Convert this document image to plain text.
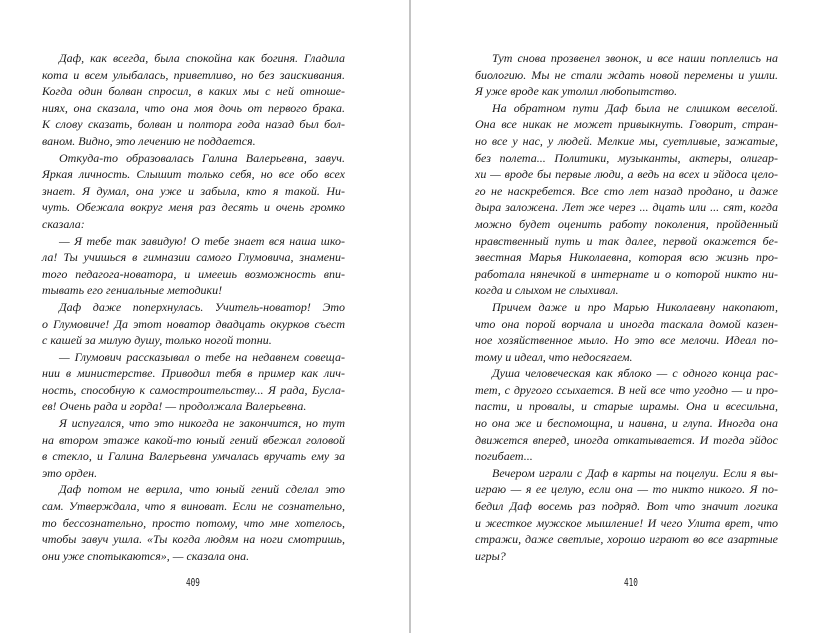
Даф, как всегда, была спокойна как богиня. Гладила
кота и всем улыбалась, приветливо, но без заискивания.
Когда один болван спросил, в каких мы с ней отноше-
ниях, она сказала, что она моя дочь от первого брака.
К слову сказать, болван и полтора года назад был бол-
ваном. Видно, это лечению не поддается.
Откуда-то образовалась Галина Валерьевна, завуч.
Яркая личность. Слышит только себя, но все обо всех
знает. Я думал, она уже и забыла, кто я такой. Ни-
чуть. Обежала вокруг меня раз десять и очень громко
сказала:
— Я тебе так завидую! О тебе знает вся наша шко-
ла! Ты учишься в гимназии самого Глумовича, знамени-
того педагога-новатора, и имеешь возможность впи-
тывать его гениальные методики!
Даф даже поперхнулась. Учитель-новатор! Это
о Глумовиче! Да этот новатор двадцать окурков съест
с кашей за милую душу, только ногой топни.
— Глумович рассказывал о тебе на недавнем совеща-
нии в министерстве. Приводил тебя в пример как лич-
ность, способную к самостроительству... Я рада, Бусла-
ев! Очень рада и горда! — продолжала Валерьевна.
Я испугался, что это никогда не закончится, но тут
на втором этаже какой-то юный гений вбежал головой
в стекло, и Галина Валерьевна умчалась вручать ему за
это орден.
Даф потом не верила, что юный гений сделал это
сам. Утверждала, что я виноват. Если не сознательно,
то бессознательно, просто потому, что мне хотелось,
чтобы завуч ушла. «Ты когда людям на ноги смотришь,
они уже спотыкаются», — сказала она.
Тут снова прозвенел звонок, и все наши поплелись на
биологию. Мы не стали ждать новой перемены и ушли.
Я уже вроде как утолил любопытство.
На обратном пути Даф была не слишком веселой.
Она все никак не может привыкнуть. Говорит, стран-
но все у нас, у людей. Мелкие мы, суетливые, зажатые,
без полета... Политики, музыканты, актеры, олигар-
хи — вроде бы первые люди, а ведь на всех и эйдоса цело-
го не наскребется. Все сто лет назад продано, и даже
дыра заложена. Лет же через ... дцать или ... сят, когда
можно будет оценить работу поколения, пройденный
нравственный путь и так далее, первой окажется бе-
звестная Марья Николаевна, которая всю жизнь про-
работала нянечкой в интернате и о которой никто ни-
когда и слыхом не слыхивал.
Причем даже и про Марью Николаевну накопают,
что она порой ворчала и иногда таскала домой казен-
ное хозяйственное мыло. Но это все мелочи. Идеал по-
тому и идеал, что недосягаем.
Душа человеческая как яблоко — с одного конца рас-
тет, с другого ссыхается. В ней все что угодно — и про-
пасти, и провалы, и старые шрамы. Она и всесильна,
но она же и беспомощна, и наивна, и глупа. Иногда она
движется вперед, иногда откатывается. И тогда эйдос
погибает...
Вечером играли с Даф в карты на поцелуи. Если я вы-
играю — я ее целую, если она — то никто никого. Я по-
бедил Даф восемь раз подряд. Вот что значит логика
и жесткое мужское мышление! И чего Улита врет, что
стражи, даже светлые, хорошо играют во все азартные
игры?
409	410
